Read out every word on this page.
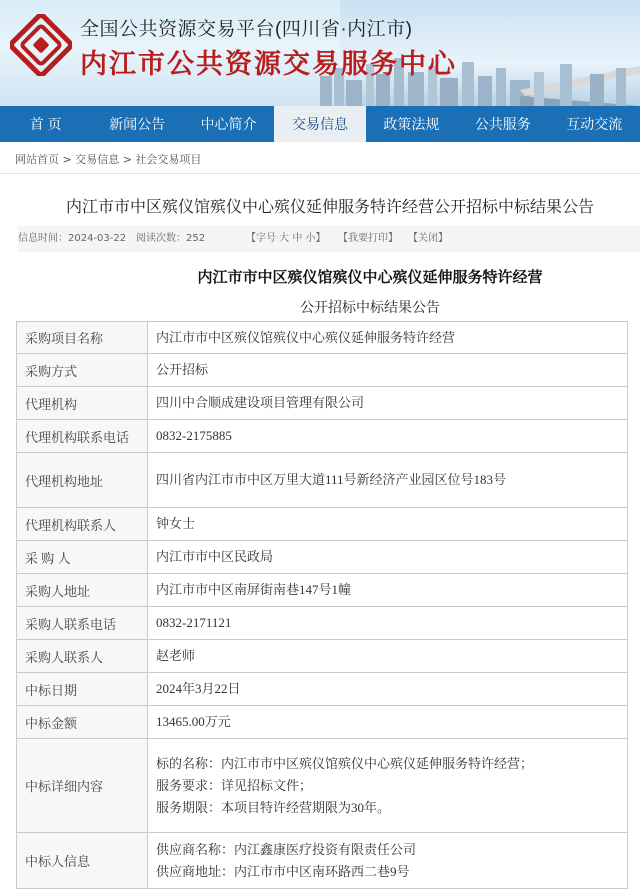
全国公共资源交易平台(四川省·内江市)
内江市公共资源交易服务中心
首 页	新闻公告	中心简介	交易信息	政策法规	公共服务	互动交流
网站首页 > 交易信息 > 社会交易项目
内江市市中区殡仪馆殡仪中心殡仪延伸服务特许经营公开招标中标结果公告
信息时间：2024-03-22 阅读次数：252	【字号 大 中 小】	【我要打印】	【关闭】
内江市市中区殡仪馆殡仪中心殡仪延伸服务特许经营
公开招标中标结果公告
采购项目名称	内江市市中区殡仪馆殡仪中心殡仪延伸服务特许经营
采购方式	公开招标
代理机构	四川中合顺成建设项目管理有限公司
代理机构联系电话	0832-2175885
代理机构地址	四川省内江市市中区万里大道111号新经济产业园区位号183号
代理机构联系人	钟女士
采 购 人	内江市市中区民政局
采购人地址	内江市市中区南屏街南巷147号1幢
采购人联系电话	0832-2171121
采购人联系人	赵老师
中标日期	2024年3月22日
中标金额	13465.00万元
中标详细内容	标的名称：内江市市中区殡仪馆殡仪中心殡仪延伸服务特许经营；
服务要求：详见招标文件；
服务期限：本项目特许经营期限为30年。

中标人信息	供应商名称：内江鑫康医疗投资有限责任公司
供应商地址：内江市市中区南环路西二巷9号
